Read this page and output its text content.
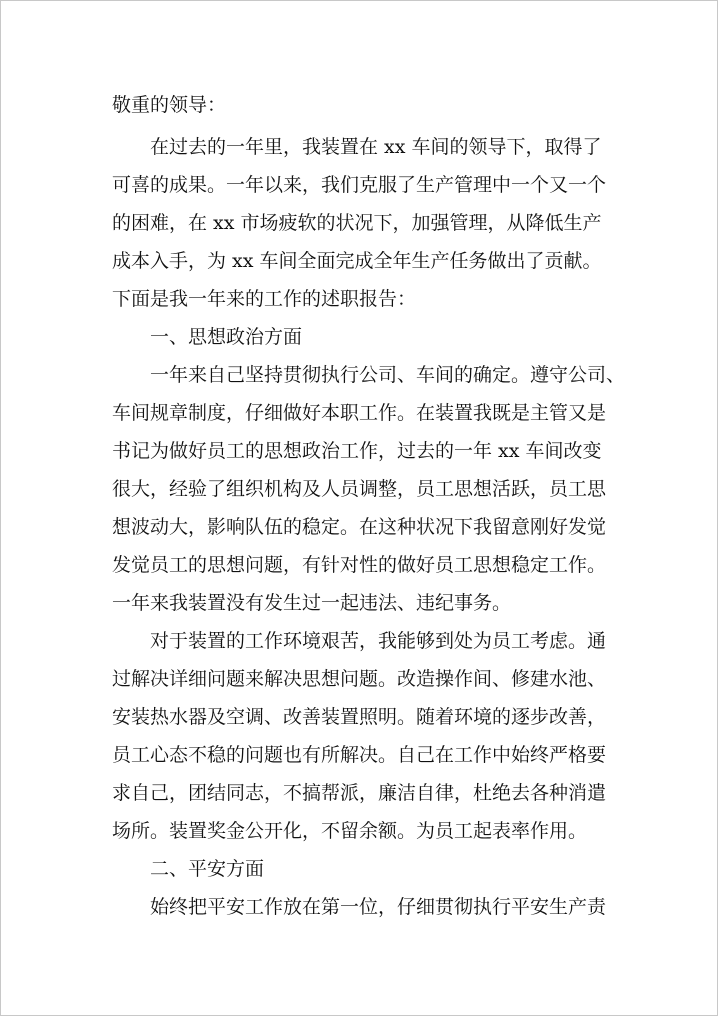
敬重的领导：
在过去的一年里，我装置在 xx 车间的领导下，取得了
可喜的成果。一年以来，我们克服了生产管理中一个又一个
的困难，在 xx 市场疲软的状况下，加强管理，从降低生产
成本入手，为 xx 车间全面完成全年生产任务做出了贡献。
下面是我一年来的工作的述职报告：
一、思想政治方面
一年来自己坚持贯彻执行公司、车间的确定。遵守公司、
车间规章制度，仔细做好本职工作。在装置我既是主管又是
书记为做好员工的思想政治工作，过去的一年 xx 车间改变
很大，经验了组织机构及人员调整，员工思想活跃，员工思
想波动大，影响队伍的稳定。在这种状况下我留意刚好发觉
发觉员工的思想问题，有针对性的做好员工思想稳定工作。
一年来我装置没有发生过一起违法、违纪事务。
对于装置的工作环境艰苦，我能够到处为员工考虑。通
过解决详细问题来解决思想问题。改造操作间、修建水池、
安装热水器及空调、改善装置照明。随着环境的逐步改善，
员工心态不稳的问题也有所解决。自己在工作中始终严格要
求自己，团结同志，不搞帮派，廉洁自律，杜绝去各种消遣
场所。装置奖金公开化，不留余额。为员工起表率作用。
二、平安方面
始终把平安工作放在第一位，仔细贯彻执行平安生产责
